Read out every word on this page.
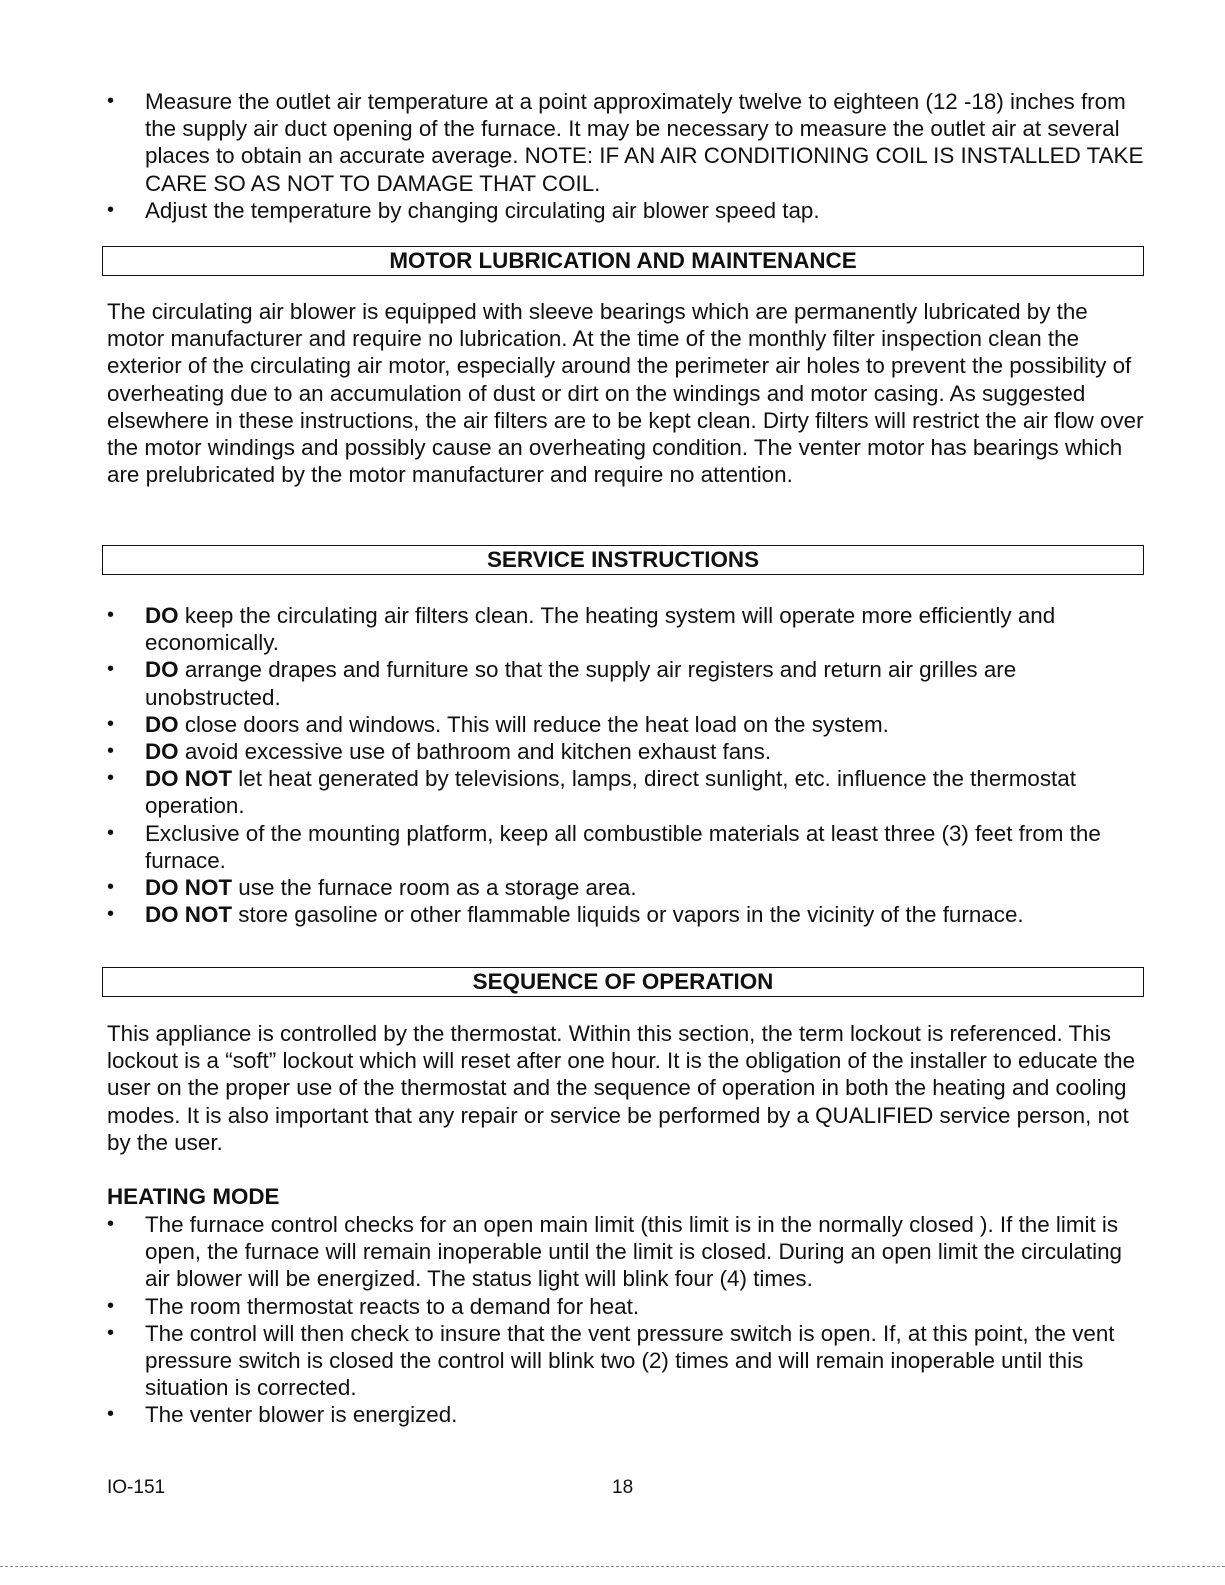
• Measure the outlet air temperature at a point approximately twelve to eighteen (12 -18) inches from the supply air duct opening of the furnace. It may be necessary to measure the outlet air at several places to obtain an accurate average. NOTE: IF AN AIR CONDITIONING COIL IS INSTALLED TAKE CARE SO AS NOT TO DAMAGE THAT COIL.
• Adjust the temperature by changing circulating air blower speed tap.
MOTOR LUBRICATION AND MAINTENANCE

The circulating air blower is equipped with sleeve bearings which are permanently lubricated by the motor manufacturer and require no lubrication. At the time of the monthly filter inspection clean the exterior of the circulating air motor, especially around the perimeter air holes to prevent the possibility of overheating due to an accumulation of dust or dirt on the windings and motor casing. As suggested elsewhere in these instructions, the air filters are to be kept clean. Dirty filters will restrict the air flow over the motor windings and possibly cause an overheating condition. The venter motor has bearings which are prelubricated by the motor manufacturer and require no attention.

SERVICE INSTRUCTIONS
• DO keep the circulating air filters clean. The heating system will operate more efficiently and economically.
• DO arrange drapes and furniture so that the supply air registers and return air grilles are unobstructed.
• DO close doors and windows. This will reduce the heat load on the system.
• DO avoid excessive use of bathroom and kitchen exhaust fans.
• DO NOT let heat generated by televisions, lamps, direct sunlight, etc. influence the thermostat operation.
• Exclusive of the mounting platform, keep all combustible materials at least three (3) feet from the furnace.
• DO NOT use the furnace room as a storage area.
• DO NOT store gasoline or other flammable liquids or vapors in the vicinity of the furnace.
SEQUENCE OF OPERATION

This appliance is controlled by the thermostat. Within this section, the term lockout is referenced. This lockout is a “soft” lockout which will reset after one hour. It is the obligation of the installer to educate the user on the proper use of the thermostat and the sequence of operation in both the heating and cooling modes. It is also important that any repair or service be performed by a QUALIFIED service person, not by the user.

HEATING MODE

• The furnace control checks for an open main limit (this limit is in the normally closed ). If the limit is open, the furnace will remain inoperable until the limit is closed. During an open limit the circulating air blower will be energized. The status light will blink four (4) times.
• The room thermostat reacts to a demand for heat.
• The control will then check to insure that the vent pressure switch is open. If, at this point, the vent pressure switch is closed the control will blink two (2) times and will remain inoperable until this situation is corrected.
• The venter blower is energized.
IO-151	18
